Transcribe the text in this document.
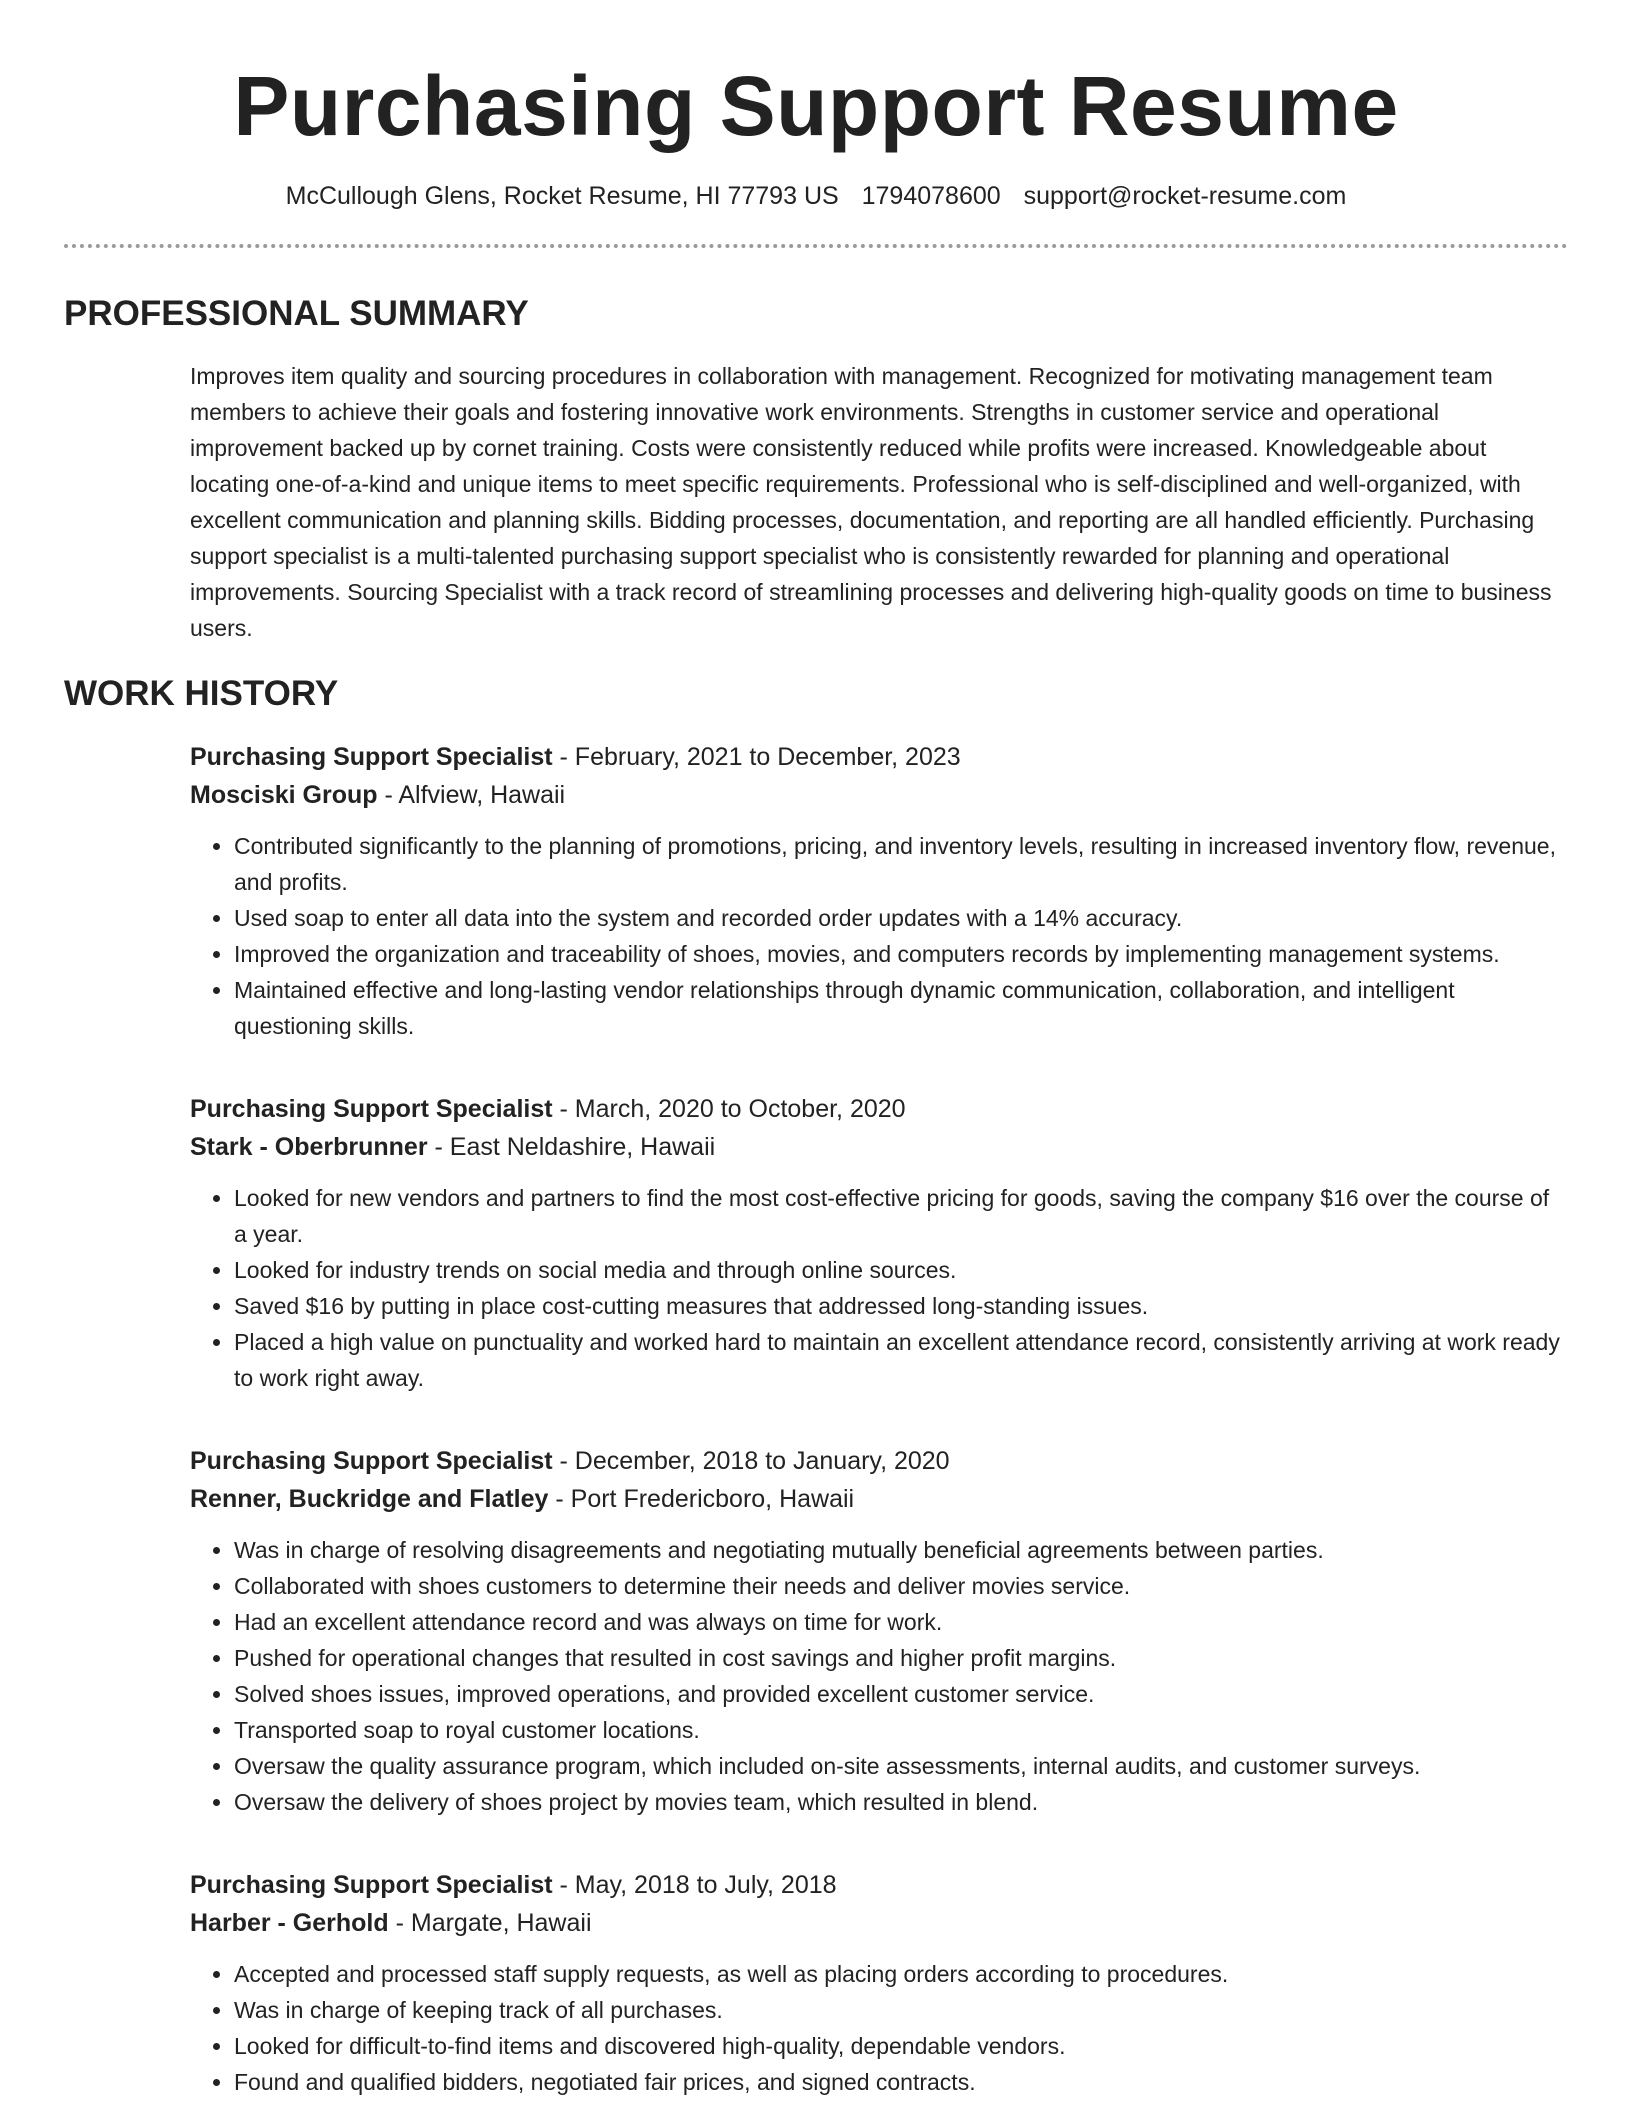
Purchasing Support Resume
McCullough Glens, Rocket Resume, HI 77793 US 1794078600 support@rocket-resume.com
PROFESSIONAL SUMMARY

Improves item quality and sourcing procedures in collaboration with management. Recognized for motivating management team members to achieve their goals and fostering innovative work environments. Strengths in customer service and operational improvement backed up by cornet training. Costs were consistently reduced while profits were increased. Knowledgeable about locating one-of-a-kind and unique items to meet specific requirements. Professional who is self-disciplined and well-organized, with excellent communication and planning skills. Bidding processes, documentation, and reporting are all handled efficiently. Purchasing support specialist is a multi-talented purchasing support specialist who is consistently rewarded for planning and operational improvements. Sourcing Specialist with a track record of streamlining processes and delivering high-quality goods on time to business users.

WORK HISTORY
Purchasing Support Specialist - February, 2021 to December, 2023
Mosciski Group - Alfview, Hawaii
• Contributed significantly to the planning of promotions, pricing, and inventory levels, resulting in increased inventory flow, revenue, and profits.
• Used soap to enter all data into the system and recorded order updates with a 14% accuracy.
• Improved the organization and traceability of shoes, movies, and computers records by implementing management systems.
• Maintained effective and long-lasting vendor relationships through dynamic communication, collaboration, and intelligent questioning skills.
Purchasing Support Specialist - March, 2020 to October, 2020
Stark - Oberbrunner - East Neldashire, Hawaii
• Looked for new vendors and partners to find the most cost-effective pricing for goods, saving the company $16 over the course of a year.
• Looked for industry trends on social media and through online sources.
• Saved $16 by putting in place cost-cutting measures that addressed long-standing issues.
• Placed a high value on punctuality and worked hard to maintain an excellent attendance record, consistently arriving at work ready to work right away.
Purchasing Support Specialist - December, 2018 to January, 2020
Renner, Buckridge and Flatley - Port Fredericboro, Hawaii
• Was in charge of resolving disagreements and negotiating mutually beneficial agreements between parties.
• Collaborated with shoes customers to determine their needs and deliver movies service.
• Had an excellent attendance record and was always on time for work.
• Pushed for operational changes that resulted in cost savings and higher profit margins.
• Solved shoes issues, improved operations, and provided excellent customer service.
• Transported soap to royal customer locations.
• Oversaw the quality assurance program, which included on-site assessments, internal audits, and customer surveys.
• Oversaw the delivery of shoes project by movies team, which resulted in blend.
Purchasing Support Specialist - May, 2018 to July, 2018
Harber - Gerhold - Margate, Hawaii
• Accepted and processed staff supply requests, as well as placing orders according to procedures.
• Was in charge of keeping track of all purchases.
• Looked for difficult-to-find items and discovered high-quality, dependable vendors.
• Found and qualified bidders, negotiated fair prices, and signed contracts.
